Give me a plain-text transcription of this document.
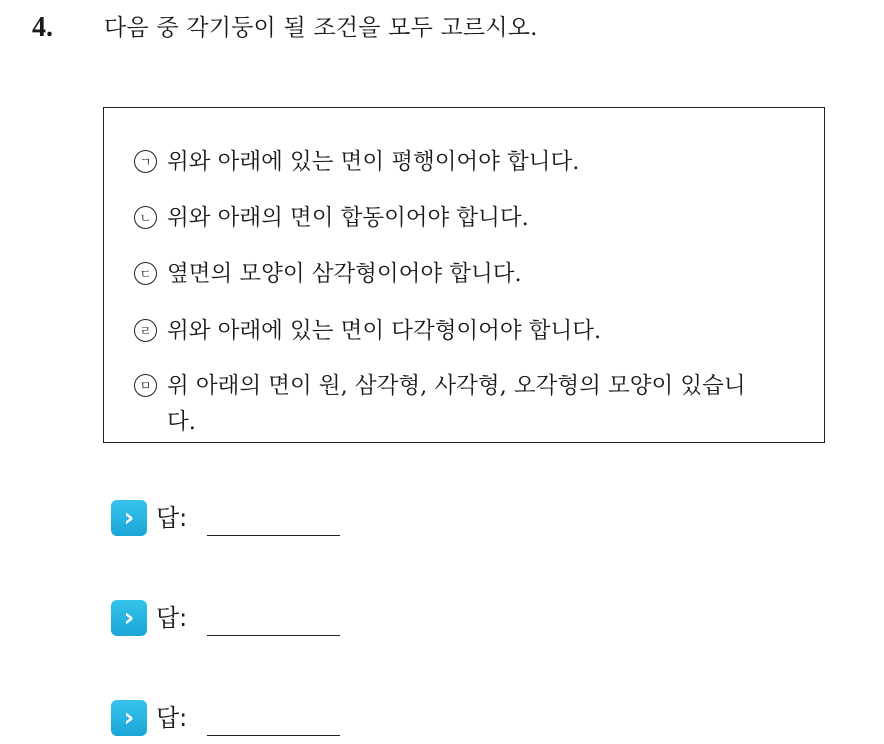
4. 다음 중 각기둥이 될 조건을 모두 고르시오.
ㄱ 위와 아래에 있는 면이 평행이어야 합니다.
ㄴ 위와 아래의 면이 합동이어야 합니다.
ㄷ 옆면의 모양이 삼각형이어야 합니다.
ㄹ 위와 아래에 있는 면이 다각형이어야 합니다.
ㅁ 위 아래의 면이 원, 삼각형, 사각형, 오각형의 모양이 있습니다.
› 답:
› 답:
› 답:
